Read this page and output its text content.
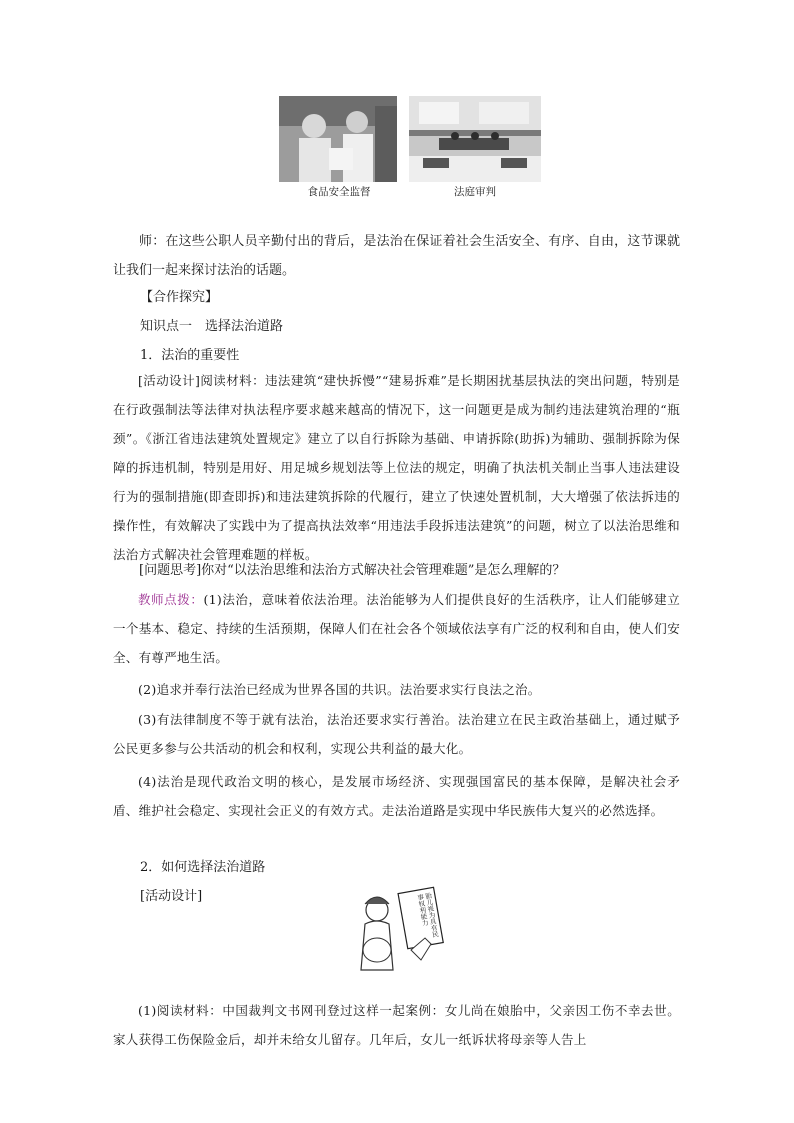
食品安全监督	法庭审判

师：在这些公职人员辛勤付出的背后，是法治在保证着社会生活安全、有序、自由，这节课就让我们一起来探讨法治的话题。

【合作探究】
知识点一　选择法治道路
1．法治的重要性

[活动设计]阅读材料：违法建筑“建快拆慢”“建易拆难”是长期困扰基层执法的突出问题，特别是在行政强制法等法律对执法程序要求越来越高的情况下，这一问题更是成为制约违法建筑治理的“瓶颈”。《浙江省违法建筑处置规定》建立了以自行拆除为基础、申请拆除(助拆)为辅助、强制拆除为保障的拆违机制，特别是用好、用足城乡规划法等上位法的规定，明确了执法机关制止当事人违法建设行为的强制措施(即查即拆)和违法建筑拆除的代履行，建立了快速处置机制，大大增强了依法拆违的操作性，有效解决了实践中为了提高执法效率“用违法手段拆违法建筑”的问题，树立了以法治思维和法治方式解决社会管理难题的样板。

[问题思考]你对“以法治思维和法治方式解决社会管理难题”是怎么理解的？

教师点拨：(1)法治，意味着依法治理。法治能够为人们提供良好的生活秩序，让人们能够建立一个基本、稳定、持续的生活预期，保障人们在社会各个领域依法享有广泛的权利和自由，使人们安全、有尊严地生活。

(2)追求并奉行法治已经成为世界各国的共识。法治要求实行良法之治。

(3)有法律制度不等于就有法治，法治还要求实行善治。法治建立在民主政治基础上，通过赋予公民更多参与公共活动的机会和权利，实现公共利益的最大化。

(4)法治是现代政治文明的核心，是发展市场经济、实现强国富民的基本保障，是解决社会矛盾、维护社会稳定、实现社会正义的有效方式。走法治道路是实现中华民族伟大复兴的必然选择。

2．如何选择法治道路
[活动设计]	胎儿视为具有民事权利能力

(1)阅读材料：中国裁判文书网刊登过这样一起案例：女儿尚在娘胎中，父亲因工伤不幸去世。家人获得工伤保险金后，却并未给女儿留存。几年后，女儿一纸诉状将母亲等人告上
